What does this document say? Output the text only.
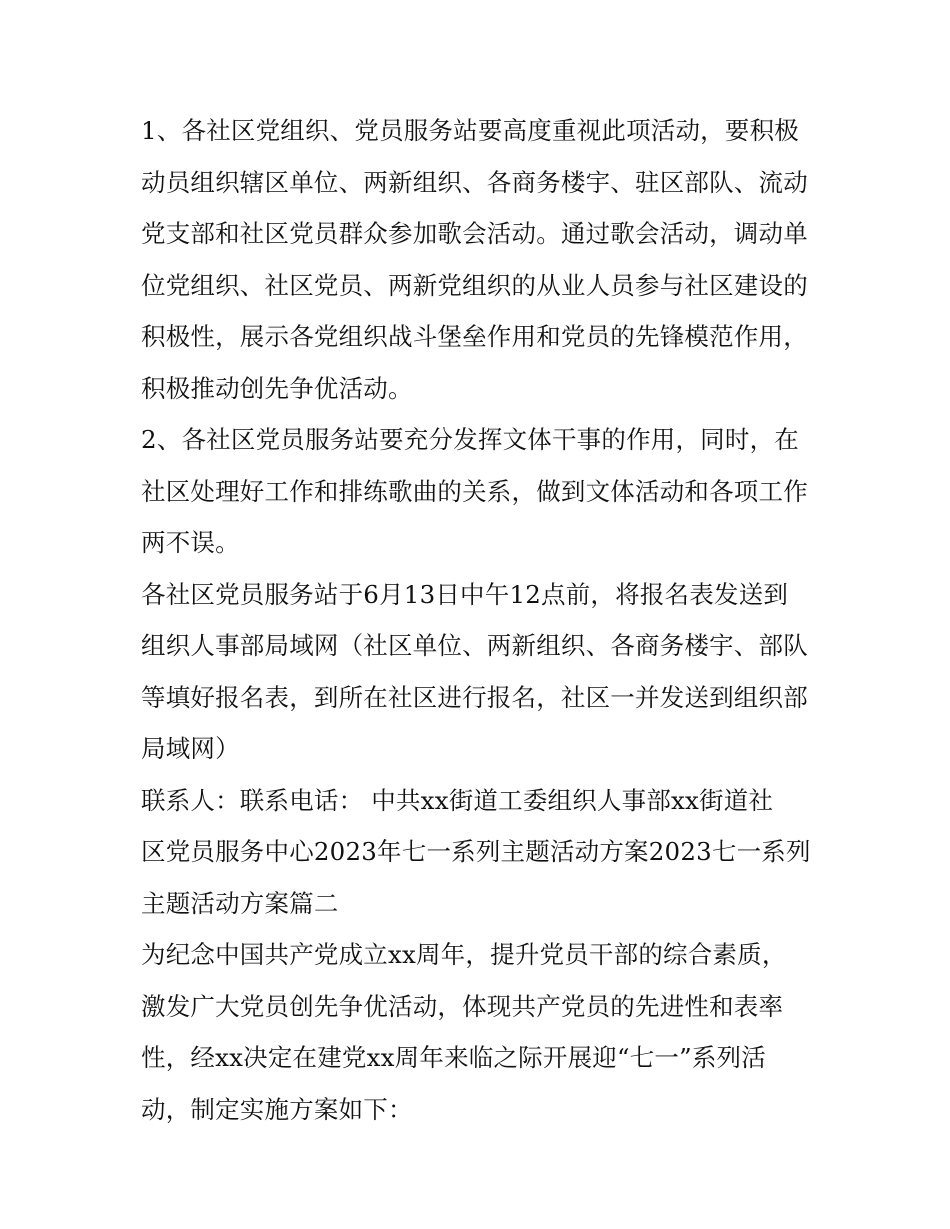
1、各社区党组织、党员服务站要高度重视此项活动，要积极
动员组织辖区单位、两新组织、各商务楼宇、驻区部队、流动
党支部和社区党员群众参加歌会活动。通过歌会活动，调动单
位党组织、社区党员、两新党组织的从业人员参与社区建设的
积极性，展示各党组织战斗堡垒作用和党员的先锋模范作用，
积极推动创先争优活动。
2、各社区党员服务站要充分发挥文体干事的作用，同时，在
社区处理好工作和排练歌曲的关系，做到文体活动和各项工作
两不误。
各社区党员服务站于6月13日中午12点前，将报名表发送到
组织人事部局域网（社区单位、两新组织、各商务楼宇、部队
等填好报名表，到所在社区进行报名，社区一并发送到组织部
局域网）
联系人：联系电话： 中共xx街道工委组织人事部xx街道社
区党员服务中心2023年七一系列主题活动方案2023七一系列
主题活动方案篇二
为纪念中国共产党成立xx周年，提升党员干部的综合素质，
激发广大党员创先争优活动，体现共产党员的先进性和表率
性，经xx决定在建党xx周年来临之际开展迎“七一”系列活
动，制定实施方案如下：
